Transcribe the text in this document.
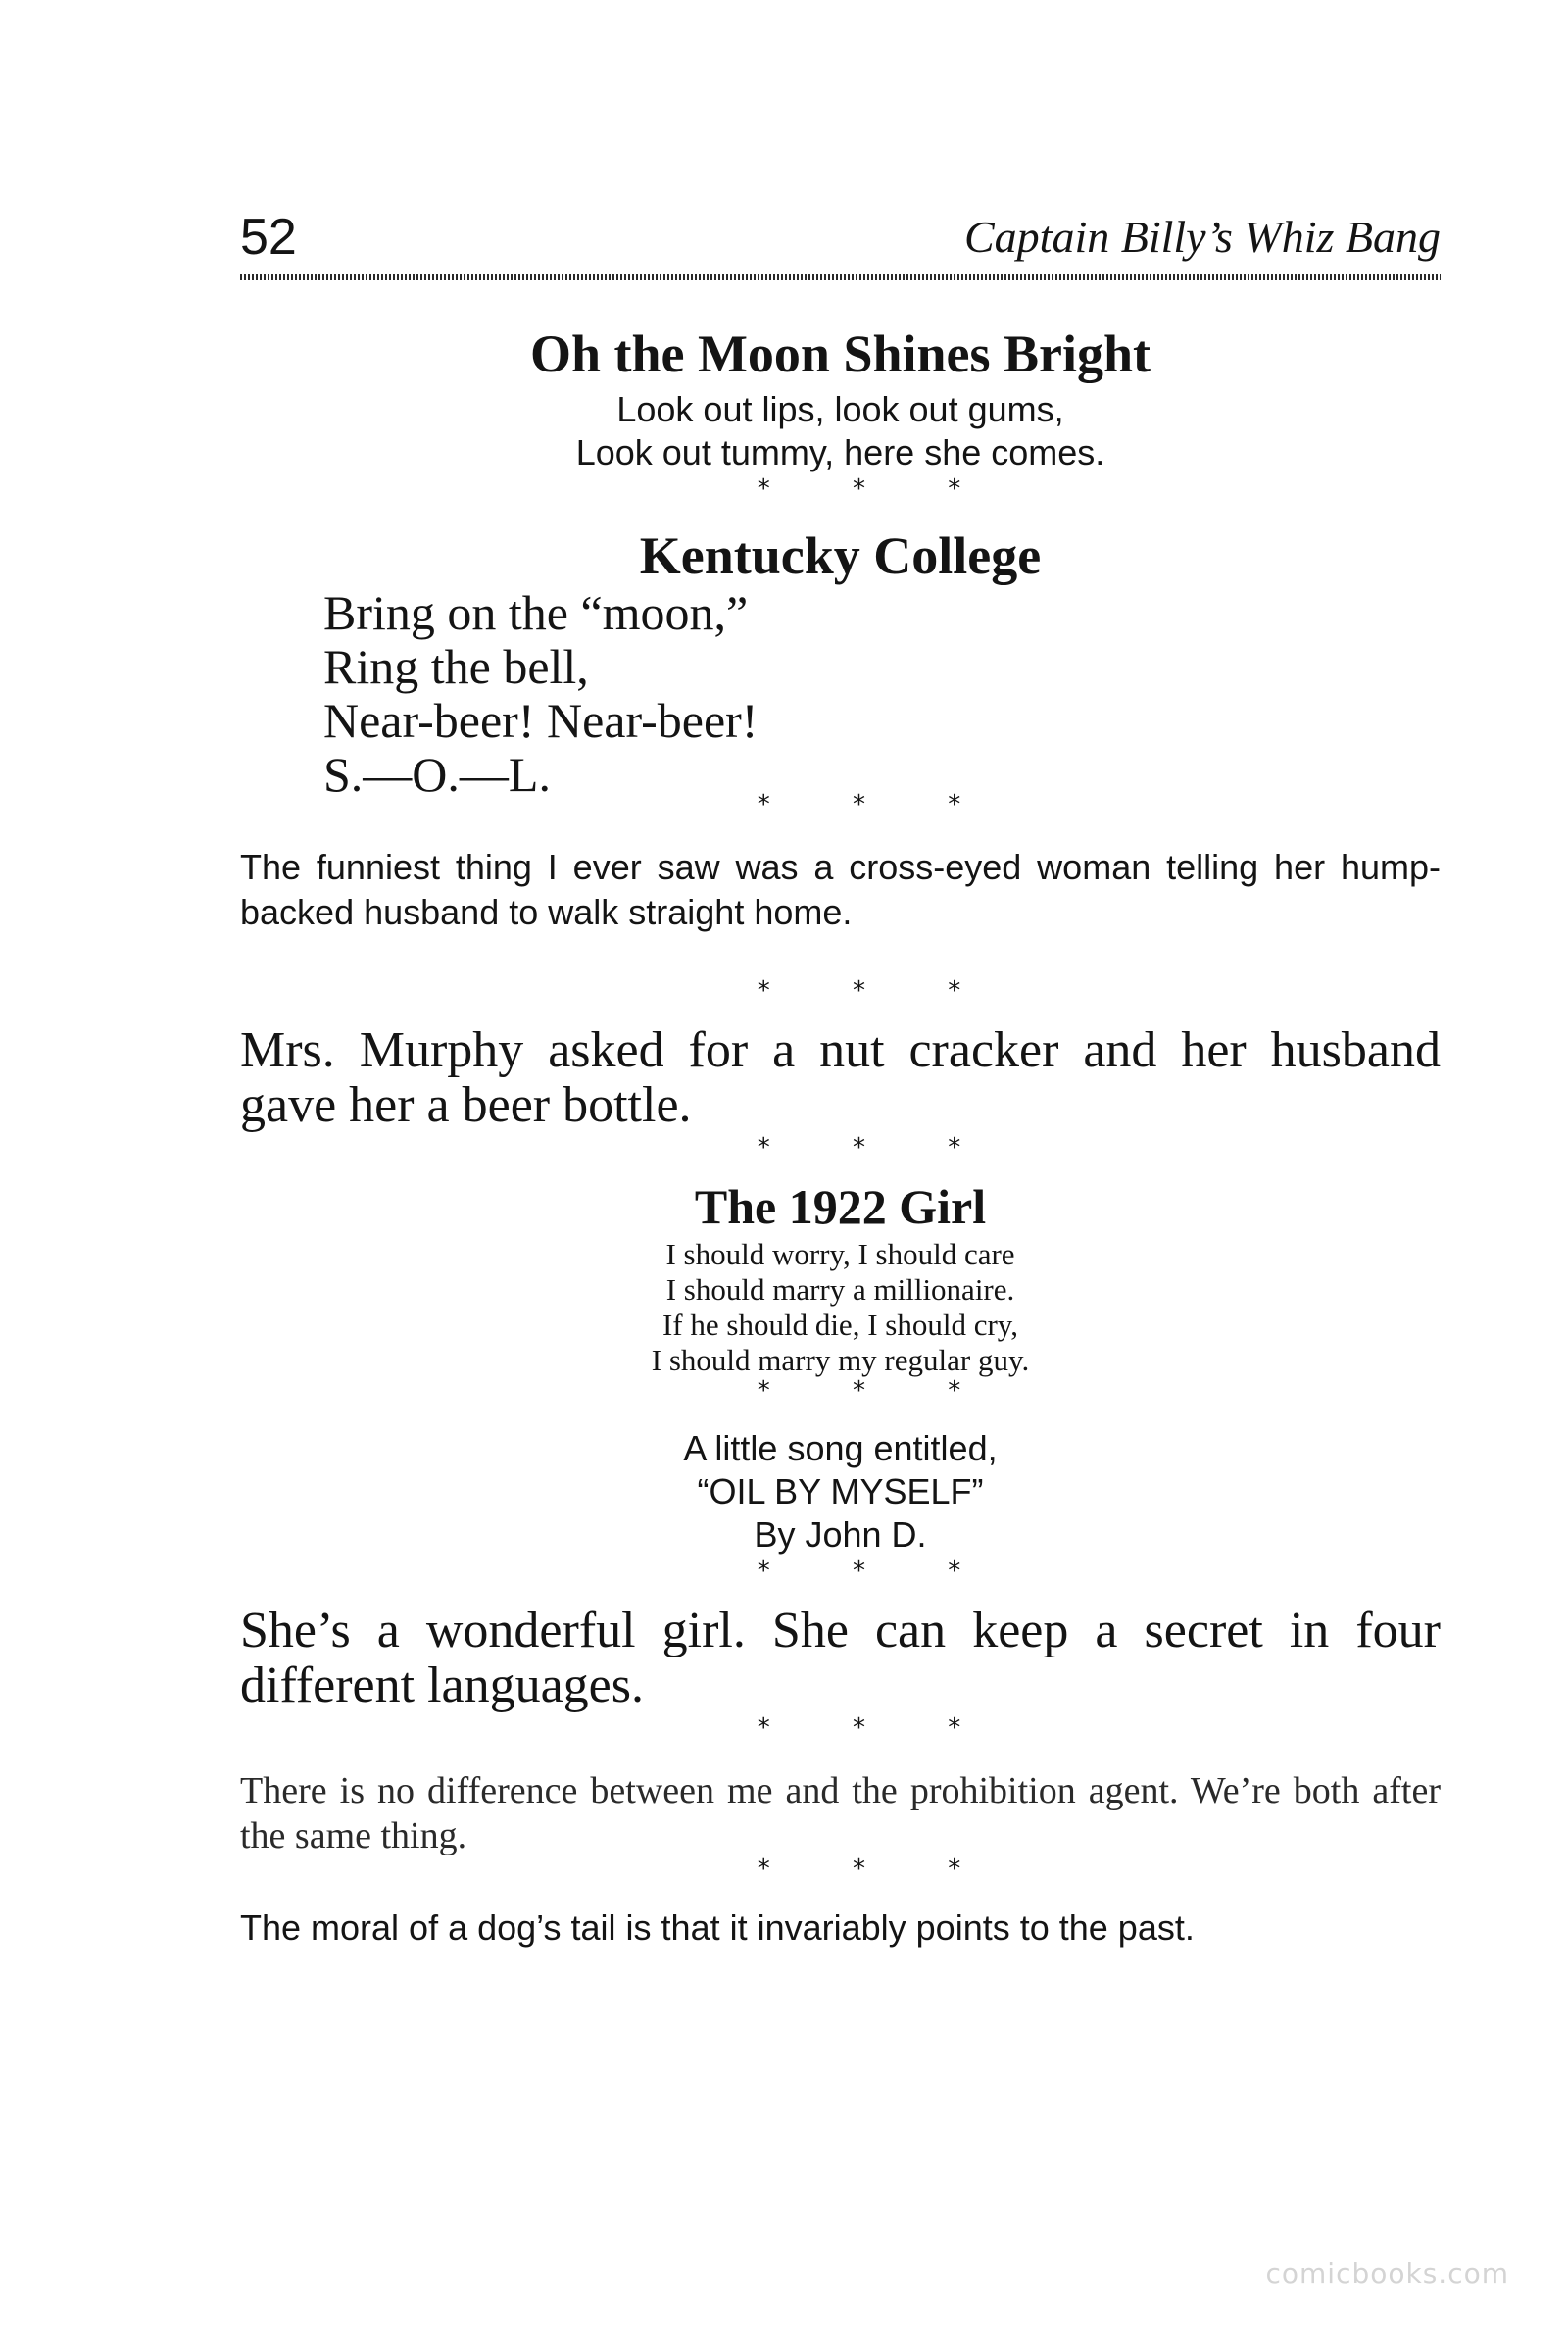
52	Captain Billy’s Whiz Bang
Oh the Moon Shines Bright
Look out lips, look out gums,
Look out tummy, here she comes.
* * *
Kentucky College
Bring on the “moon,”
Ring the bell,
Near-beer! Near-beer!
S.—O.—L.
* * *
The funniest thing I ever saw was a cross-eyed woman telling her hump-backed husband to walk straight home.
* * *
Mrs. Murphy asked for a nut cracker and her husband gave her a beer bottle.
* * *
The 1922 Girl
I should worry, I should care
I should marry a millionaire.
If he should die, I should cry,
I should marry my regular guy.
* * *
A little song entitled,
“OIL BY MYSELF”
By John D.
* * *
She’s a wonderful girl. She can keep a secret in four different languages.
* * *
There is no difference between me and the prohibition agent. We’re both after the same thing.
* * *
The moral of a dog’s tail is that it invariably points to the past.
comicbooks.com
